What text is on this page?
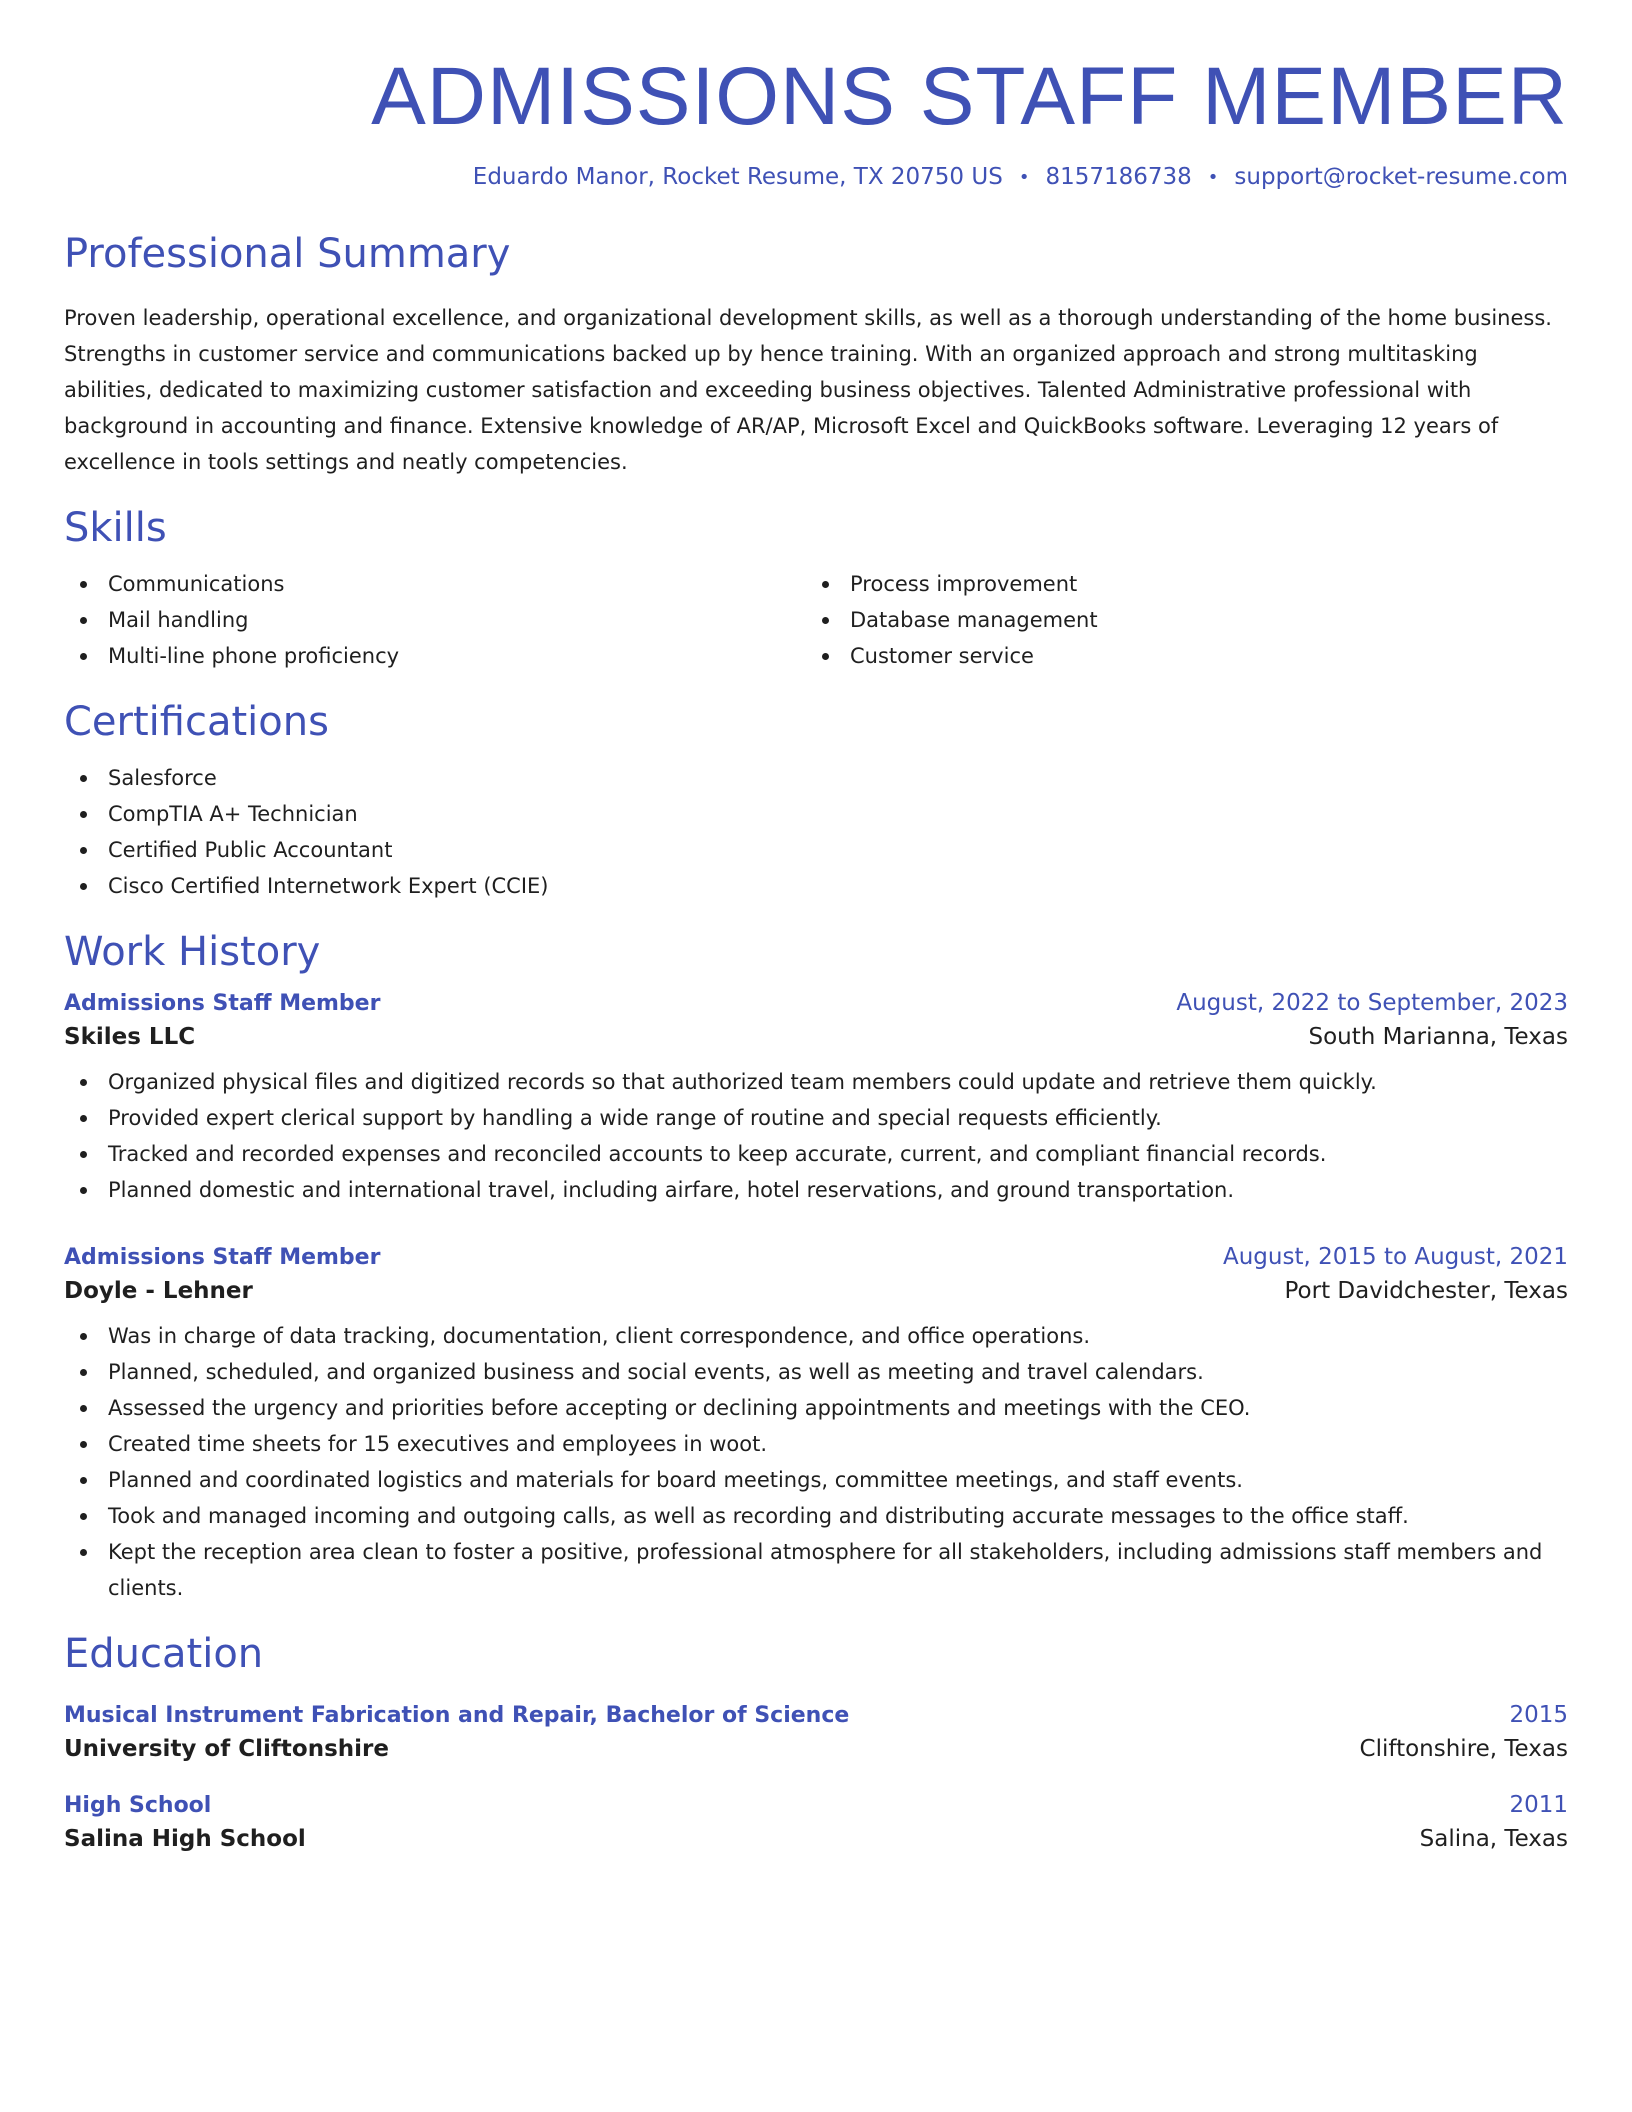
ADMISSIONS STAFF MEMBER
Eduardo Manor, Rocket Resume, TX 20750 US • 8157186738 • support@rocket-resume.com
Professional Summary
Proven leadership, operational excellence, and organizational development skills, as well as a thorough understanding of the home business. Strengths in customer service and communications backed up by hence training. With an organized approach and strong multitasking abilities, dedicated to maximizing customer satisfaction and exceeding business objectives. Talented Administrative professional with background in accounting and finance. Extensive knowledge of AR/AP, Microsoft Excel and QuickBooks software. Leveraging 12 years of excellence in tools settings and neatly competencies.
Skills
Communications
Mail handling
Multi-line phone proficiency
Process improvement
Database management
Customer service
Certifications
Salesforce
CompTIA A+ Technician
Certified Public Accountant
Cisco Certified Internetwork Expert (CCIE)
Work History
Admissions Staff Member	August, 2022 to September, 2023
Skiles LLC	South Marianna, Texas
Organized physical files and digitized records so that authorized team members could update and retrieve them quickly.
Provided expert clerical support by handling a wide range of routine and special requests efficiently.
Tracked and recorded expenses and reconciled accounts to keep accurate, current, and compliant financial records.
Planned domestic and international travel, including airfare, hotel reservations, and ground transportation.
Admissions Staff Member	August, 2015 to August, 2021
Doyle - Lehner	Port Davidchester, Texas
Was in charge of data tracking, documentation, client correspondence, and office operations.
Planned, scheduled, and organized business and social events, as well as meeting and travel calendars.
Assessed the urgency and priorities before accepting or declining appointments and meetings with the CEO.
Created time sheets for 15 executives and employees in woot.
Planned and coordinated logistics and materials for board meetings, committee meetings, and staff events.
Took and managed incoming and outgoing calls, as well as recording and distributing accurate messages to the office staff.
Kept the reception area clean to foster a positive, professional atmosphere for all stakeholders, including admissions staff members and clients.
Education
Musical Instrument Fabrication and Repair, Bachelor of Science	2015
University of Cliftonshire	Cliftonshire, Texas
High School	2011
Salina High School	Salina, Texas
